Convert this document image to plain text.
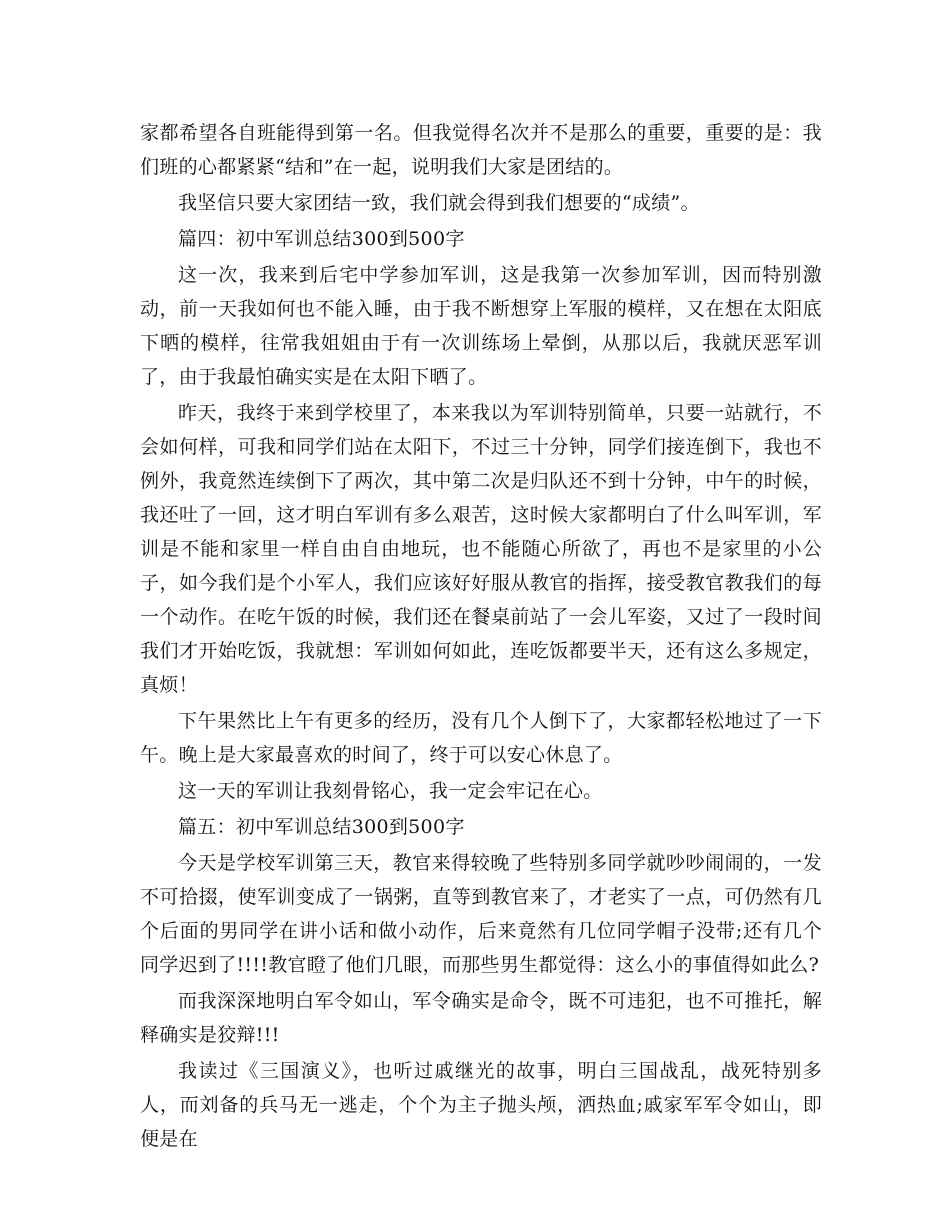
家都希望各自班能得到第一名。但我觉得名次并不是那么的重要，重要的是：我们班的心都紧紧“结和”在一起，说明我们大家是团结的。

我坚信只要大家团结一致，我们就会得到我们想要的“成绩”。

篇四：初中军训总结300到500字

这一次，我来到后宅中学参加军训，这是我第一次参加军训，因而特别激动，前一天我如何也不能入睡，由于我不断想穿上军服的模样，又在想在太阳底下晒的模样，往常我姐姐由于有一次训练场上晕倒，从那以后，我就厌恶军训了，由于我最怕确实实是在太阳下晒了。

昨天，我终于来到学校里了，本来我以为军训特别简单，只要一站就行，不会如何样，可我和同学们站在太阳下，不过三十分钟，同学们接连倒下，我也不例外，我竟然连续倒下了两次，其中第二次是归队还不到十分钟，中午的时候，我还吐了一回，这才明白军训有多么艰苦，这时候大家都明白了什么叫军训，军训是不能和家里一样自由自由地玩，也不能随心所欲了，再也不是家里的小公子，如今我们是个小军人，我们应该好好服从教官的指挥，接受教官教我们的每一个动作。在吃午饭的时候，我们还在餐桌前站了一会儿军姿，又过了一段时间我们才开始吃饭，我就想：军训如何如此，连吃饭都要半天，还有这么多规定，真烦！

下午果然比上午有更多的经历，没有几个人倒下了，大家都轻松地过了一下午。晚上是大家最喜欢的时间了，终于可以安心休息了。

这一天的军训让我刻骨铭心，我一定会牢记在心。

篇五：初中军训总结300到500字

今天是学校军训第三天，教官来得较晚了些特别多同学就吵吵闹闹的，一发不可拾掇，使军训变成了一锅粥，直等到教官来了，才老实了一点，可仍然有几个后面的男同学在讲小话和做小动作，后来竟然有几位同学帽子没带;还有几个同学迟到了!!!!教官瞪了他们几眼，而那些男生都觉得：这么小的事值得如此么?

而我深深地明白军令如山，军令确实是命令，既不可违犯，也不可推托，解释确实是狡辩!!!

我读过《三国演义》，也听过戚继光的故事，明白三国战乱，战死特别多人，而刘备的兵马无一逃走，个个为主子抛头颅，洒热血;戚家军军令如山，即便是在
